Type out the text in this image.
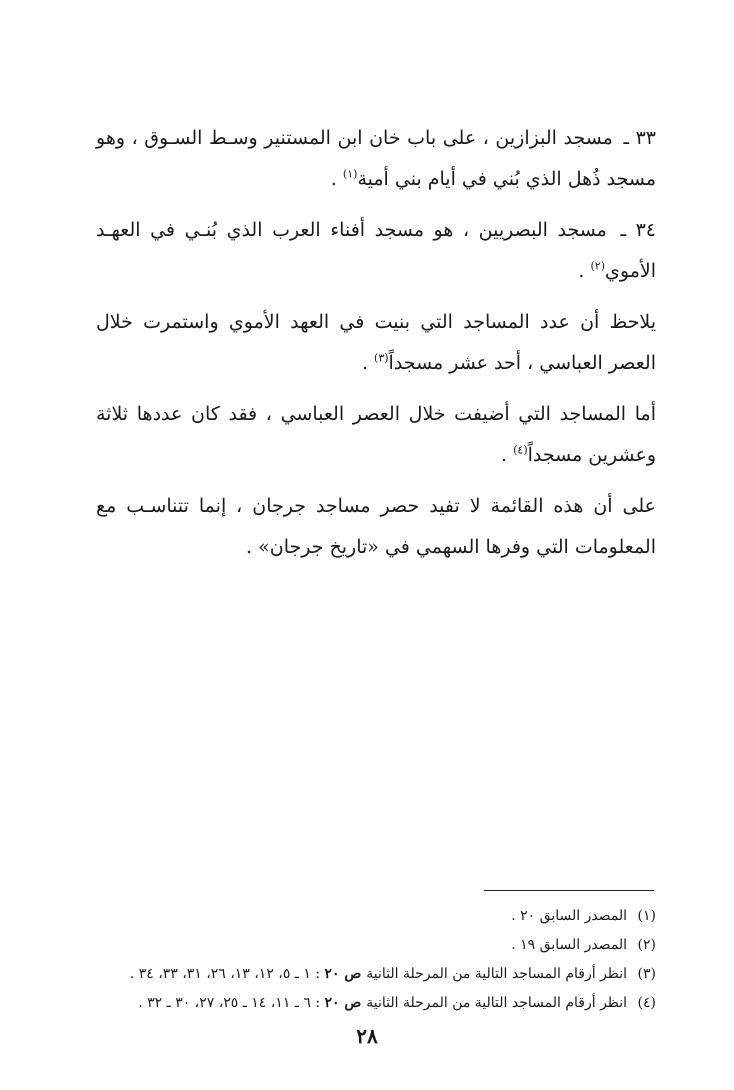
٣٣ ـ مسجد البزازين ، على باب خان ابن المستنير وسـط السـوق ، وهو مسجد ذُهل الذي بُني في أيام بني أمية$^{(١)}$ .

٣٤ ـ مسجد البصريين ، هو مسجد أفناء العرب الذي بُنـي في العهـد الأموي$^{(٢)}$ .

يلاحظ أن عدد المساجد التي بنيت في العهد الأموي واستمرت خلال العصر العباسي ، أحد عشر مسجداً$^{(٣)}$ .

أما المساجد التي أضيفت خلال العصر العباسي ، فقد كان عددها ثلاثة وعشرين مسجداً$^{(٤)}$ .

على أن هذه القائمة لا تفيد حصر مساجد جرجان ، إنما تتناسـب مع المعلومات التي وفرها السهمي في «تاريخ جرجان» .

(١) المصدر السابق ٢٠ .
(٢) المصدر السابق ١٩ .
(٣) انظر أرقام المساجد التالية من المرحلة الثانية ص ٢٠ : ١ ـ ٥، ١٢، ١٣، ٢٦، ٣١، ٣٣، ٣٤ .
(٤) انظر أرقام المساجد التالية من المرحلة الثانية ص ٢٠ : ٦ ـ ١١، ١٤ ـ ٢٥، ٢٧، ٣٠ ـ ٣٢ .
٢٨
